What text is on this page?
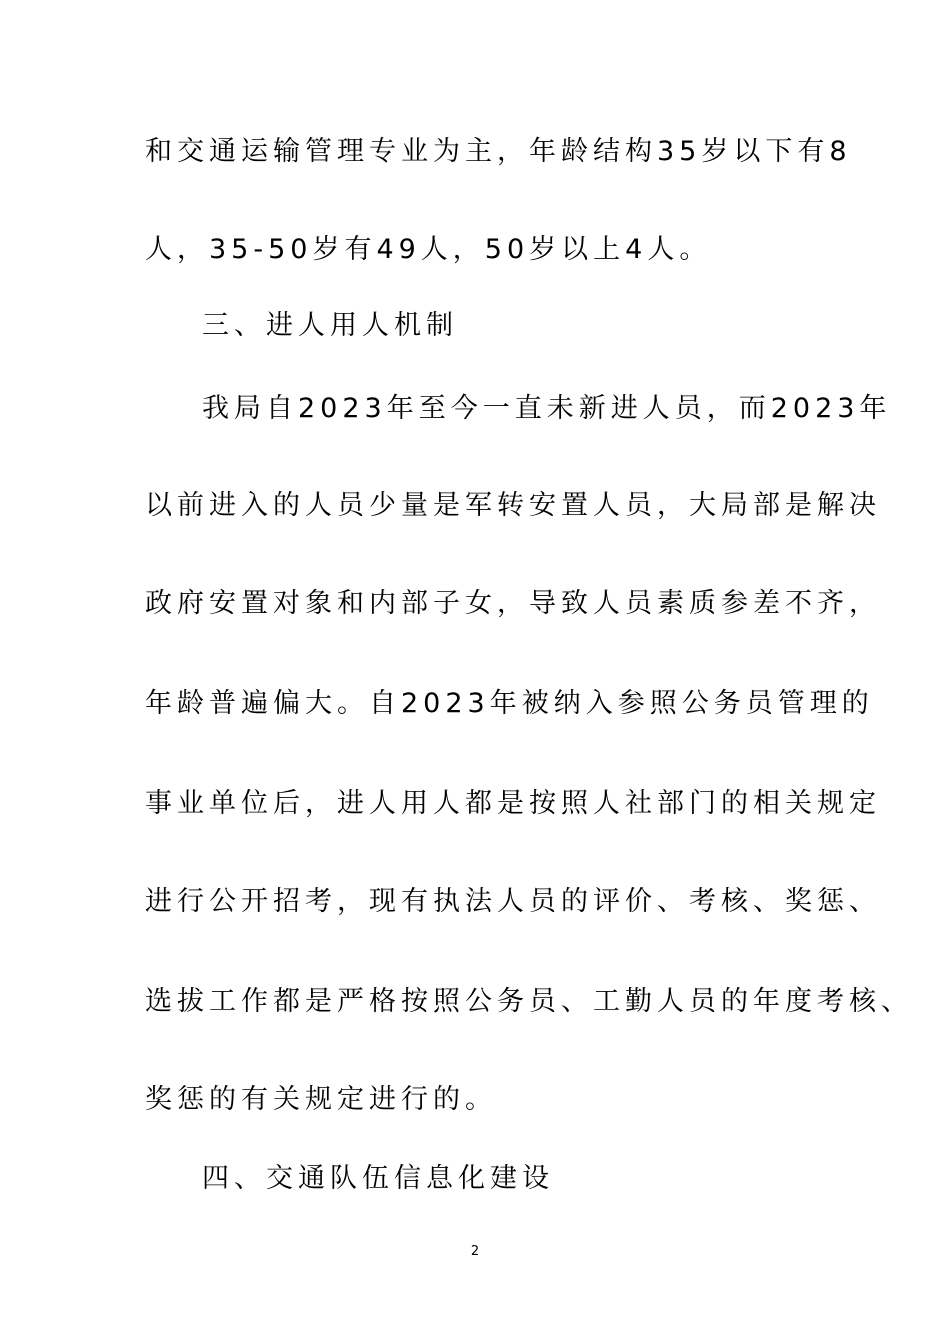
和交通运输管理专业为主，年龄结构35岁以下有8
人，35-50岁有49人，50岁以上4人。
三、进人用人机制
我局自2023年至今一直未新进人员，而2023年
以前进入的人员少量是军转安置人员，大局部是解决
政府安置对象和内部子女，导致人员素质参差不齐，
年龄普遍偏大。自2023年被纳入参照公务员管理的
事业单位后，进人用人都是按照人社部门的相关规定
进行公开招考，现有执法人员的评价、考核、奖惩、
选拔工作都是严格按照公务员、工勤人员的年度考核、
奖惩的有关规定进行的。
四、交通队伍信息化建设
2
